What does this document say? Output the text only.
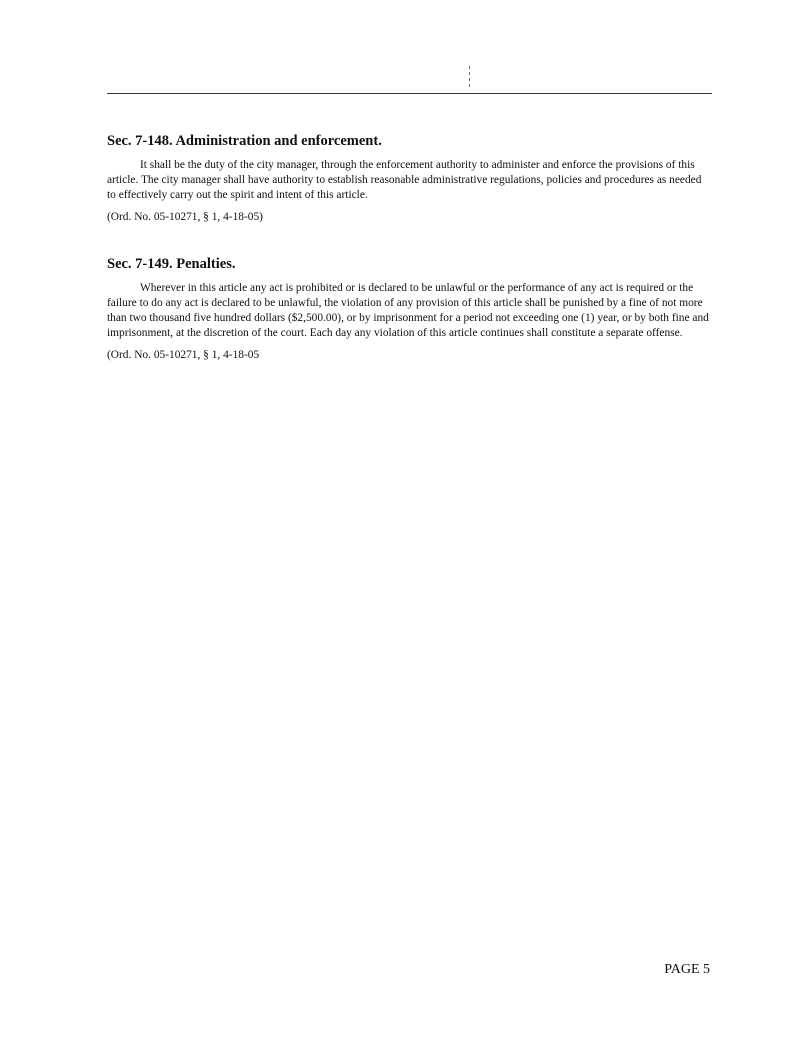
Sec. 7-148. Administration and enforcement.

It shall be the duty of the city manager, through the enforcement authority to administer and enforce the provisions of this article. The city manager shall have authority to establish reasonable administrative regulations, policies and procedures as needed to effectively carry out the spirit and intent of this article.

(Ord. No. 05-10271, § 1, 4-18-05)

Sec. 7-149. Penalties.

Wherever in this article any act is prohibited or is declared to be unlawful or the performance of any act is required or the failure to do any act is declared to be unlawful, the violation of any provision of this article shall be punished by a fine of not more than two thousand five hundred dollars ($2,500.00), or by imprisonment for a period not exceeding one (1) year, or by both fine and imprisonment, at the discretion of the court. Each day any violation of this article continues shall constitute a separate offense.

(Ord. No. 05-10271, § 1, 4-18-05

PAGE 5
